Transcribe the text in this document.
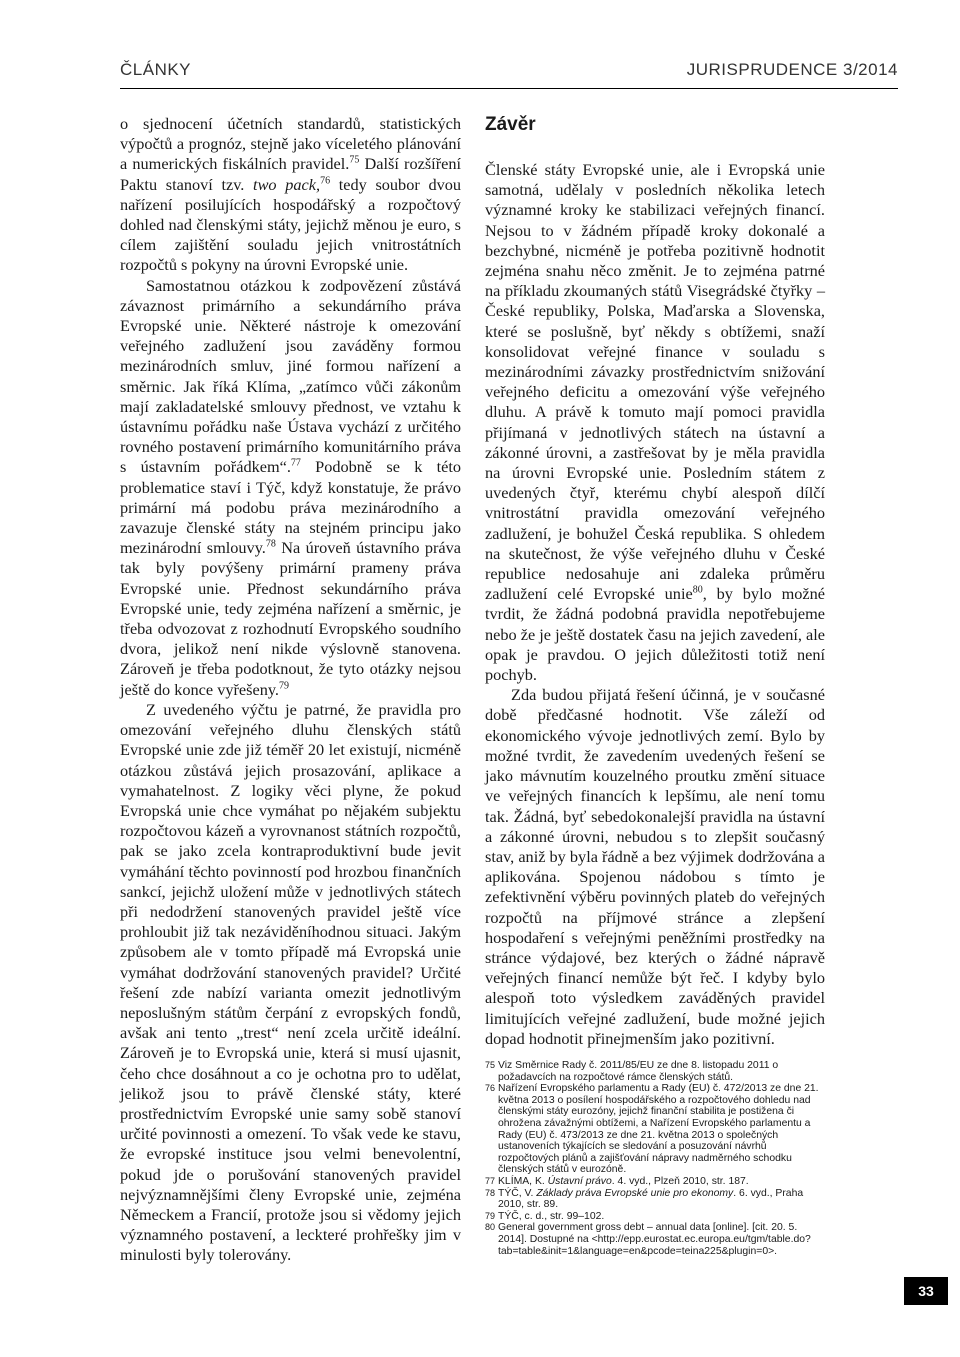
ČLÁNKY	JURISPRUDENCE 3/2014

o sjednocení účetních standardů, statistických výpočtů a prognóz, stejně jako víceletého plánování a numerických fiskálních pravidel.$^{75}$ Další rozšíření Paktu stanoví tzv. two pack,$^{76}$ tedy soubor dvou nařízení posilujících hospodářský a rozpočtový dohled nad členskými státy, jejichž měnou je euro, s cílem zajištění souladu jejich vnitrostátních rozpočtů s pokyny na úrovni Evropské unie.

Samostatnou otázkou k zodpovězení zůstává závaznost primárního a sekundárního práva Evropské unie. Některé nástroje k omezování veřejného zadlužení jsou zaváděny formou mezinárodních smluv, jiné formou nařízení a směrnic. Jak říká Klíma, „zatímco vůči zákonům mají zakladatelské smlouvy přednost, ve vztahu k ústavnímu pořádku naše Ústava vychází z určitého rovného postavení primárního komunitárního práva s ústavním pořádkem“.$^{77}$ Podobně se k této problematice staví i Týč, když konstatuje, že právo primární má podobu práva mezinárodního a zavazuje členské státy na stejném principu jako mezinárodní smlouvy.$^{78}$ Na úroveň ústavního práva tak byly povýšeny primární prameny práva Evropské unie. Přednost sekundárního práva Evropské unie, tedy zejména nařízení a směrnic, je třeba odvozovat z rozhodnutí Evropského soudního dvora, jelikož není nikde výslovně stanovena. Zároveň je třeba podotknout, že tyto otázky nejsou ještě do konce vyřešeny.$^{79}$

Z uvedeného výčtu je patrné, že pravidla pro omezování veřejného dluhu členských států Evropské unie zde již téměř 20 let existují, nicméně otázkou zůstává jejich prosazování, aplikace a vymahatelnost. Z logiky věci plyne, že pokud Evropská unie chce vymáhat po nějakém subjektu rozpočtovou kázeň a vyrovnanost státních rozpočtů, pak se jako zcela kontraproduktivní bude jevit vymáhání těchto povinností pod hrozbou finančních sankcí, jejichž uložení může v jednotlivých státech při nedodržení stanovených pravidel ještě více prohloubit již tak nezáviděníhodnou situaci. Jakým způsobem ale v tomto případě má Evropská unie vymáhat dodržování stanovených pravidel? Určité řešení zde nabízí varianta omezit jednotlivým neposlušným státům čerpání z evropských fondů, avšak ani tento „trest“ není zcela určitě ideální. Zároveň je to Evropská unie, která si musí ujasnit, čeho chce dosáhnout a co je ochotna pro to udělat, jelikož jsou to právě členské státy, které prostřednictvím Evropské unie samy sobě stanoví určité povinnosti a omezení. To však vede ke stavu, že evropské instituce jsou velmi benevolentní, pokud jde o porušování stanovených pravidel nejvýznamnějšími členy Evropské unie, zejména Německem a Francií, protože jsou si vědomy jejich významného postavení, a leckteré prohřešky jim v minulosti byly tolerovány.

Závěr

Členské státy Evropské unie, ale i Evropská unie samotná, udělaly v posledních několika letech významné kroky ke stabilizaci veřejných financí. Nejsou to v žádném případě kroky dokonalé a bezchybné, nicméně je potřeba pozitivně hodnotit zejména snahu něco změnit. Je to zejména patrné na příkladu zkoumaných států Visegrádské čtyřky – České republiky, Polska, Maďarska a Slovenska, které se poslušně, byť někdy s obtížemi, snaží konsolidovat veřejné finance v souladu s mezinárodními závazky prostřednictvím snižování veřejného deficitu a omezování výše veřejného dluhu. A právě k tomuto mají pomoci pravidla přijímaná v jednotlivých státech na ústavní a zákonné úrovni, a zastřešovat by je měla pravidla na úrovni Evropské unie. Posledním státem z uvedených čtyř, kterému chybí alespoň dílčí vnitrostátní pravidla omezování veřejného zadlužení, je bohužel Česká republika. S ohledem na skutečnost, že výše veřejného dluhu v České republice nedosahuje ani zdaleka průměru zadlužení celé Evropské unie$^{80}$, by bylo možné tvrdit, že žádná podobná pravidla nepotřebujeme nebo že je ještě dostatek času na jejich zavedení, ale opak je pravdou. O jejich důležitosti totiž není pochyb.

Zda budou přijatá řešení účinná, je v současné době předčasné hodnotit. Vše záleží od ekonomického vývoje jednotlivých zemí. Bylo by možné tvrdit, že zavedením uvedených řešení se jako mávnutím kouzelného proutku změní situace ve veřejných financích k lepšímu, ale není tomu tak. Žádná, byť sebedokonalejší pravidla na ústavní a zákonné úrovni, nebudou s to zlepšit současný stav, aniž by byla řádně a bez výjimek dodržována a aplikována. Spojenou nádobou s tímto je zefektivnění výběru povinných plateb do veřejných rozpočtů na příjmové stránce a zlepšení hospodaření s veřejnými peněžními prostředky na stránce výdajové, bez kterých o žádné nápravě veřejných financí nemůže být řeč. I kdyby bylo alespoň toto výsledkem zaváděných pravidel limitujících veřejné zadlužení, bude možné jejich dopad hodnotit přinejmenším jako pozitivní.

75 Viz Směrnice Rady č. 2011/85/EU ze dne 8. listopadu 2011 o požadavcích na rozpočtové rámce členských států.
76 Nařízení Evropského parlamentu a Rady (EU) č. 472/2013 ze dne 21. května 2013 o posílení hospodářského a rozpočtového dohledu nad členskými státy eurozóny, jejichž finanční stabilita je postižena či ohrožena závažnými obtížemi, a Nařízení Evropského parlamentu a Rady (EU) č. 473/2013 ze dne 21. května 2013 o společných ustanoveních týkajících se sledování a posuzování návrhů rozpočtových plánů a zajišťování nápravy nadměrného schodku členských států v eurozóně.
77 KLÍMA, K. Ústavní právo. 4. vyd., Plzeň 2010, str. 187.
78 TÝČ, V. Základy práva Evropské unie pro ekonomy. 6. vyd., Praha 2010, str. 89.
79 TÝČ, c. d., str. 99–102.
80 General government gross debt – annual data [online]. [cit. 20. 5. 2014]. Dostupné na <http://epp.eurostat.ec.europa.eu/tgm/table.do?tab=table&init=1&language=en&pcode=teina225&plugin=0>.
33
